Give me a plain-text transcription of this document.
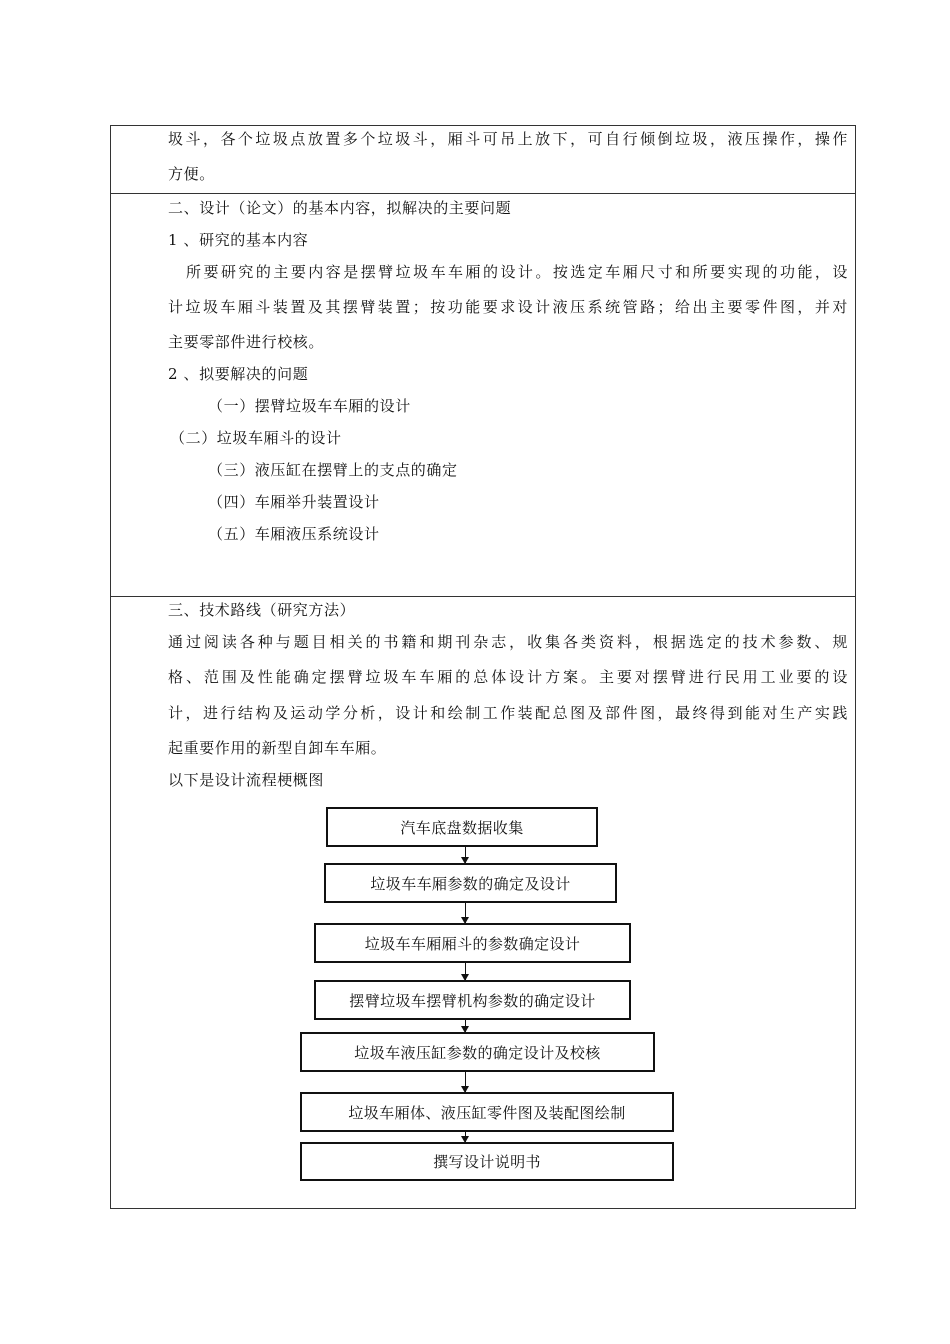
圾斗，各个垃圾点放置多个垃圾斗，厢斗可吊上放下，可自行倾倒垃圾，液压操作，操作
方便。
二、设计（论文）的基本内容，拟解决的主要问题
1 、研究的基本内容
所要研究的主要内容是摆臂垃圾车车厢的设计。按选定车厢尺寸和所要实现的功能，设
计垃圾车厢斗装置及其摆臂装置；按功能要求设计液压系统管路；给出主要零件图，并对
主要零部件进行校核。
2 、拟要解决的问题
（一）摆臂垃圾车车厢的设计
（二）垃圾车厢斗的设计
（三）液压缸在摆臂上的支点的确定
（四）车厢举升装置设计
（五）车厢液压系统设计
三、技术路线（研究方法）
通过阅读各种与题目相关的书籍和期刊杂志，收集各类资料，根据选定的技术参数、规
格、范围及性能确定摆臂垃圾车车厢的总体设计方案。主要对摆臂进行民用工业要的设
计，进行结构及运动学分析，设计和绘制工作装配总图及部件图，最终得到能对生产实践
起重要作用的新型自卸车车厢。
以下是设计流程梗概图
汽车底盘数据收集
垃圾车车厢参数的确定及设计
垃圾车车厢厢斗的参数确定设计
摆臂垃圾车摆臂机构参数的确定设计
垃圾车液压缸参数的确定设计及校核
垃圾车厢体、液压缸零件图及装配图绘制
撰写设计说明书
